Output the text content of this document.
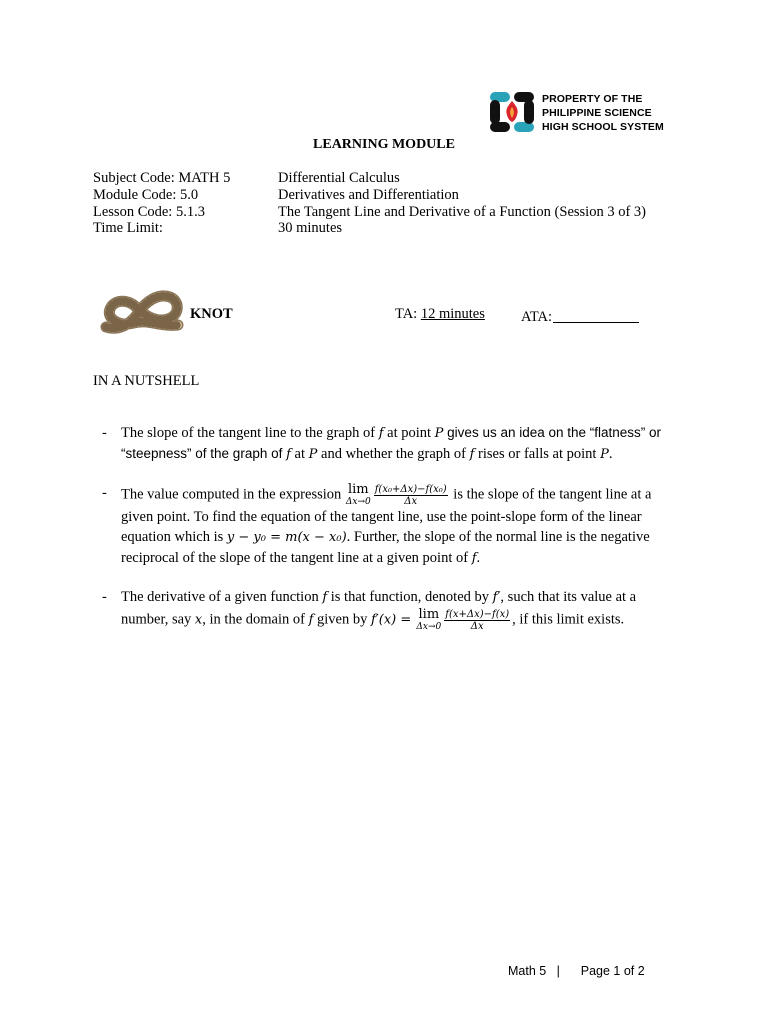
PROPERTY OF THE
PHILIPPINE SCIENCE
HIGH SCHOOL SYSTEM
LEARNING MODULE
Subject Code: MATH 5	Differential Calculus
Module Code: 5.0	Derivatives and Differentiation
Lesson Code: 5.1.3	The Tangent Line and Derivative of a Function (Session 3 of 3)
Time Limit:	30 minutes
KNOT	TA: 12 minutes ATA:
IN A NUTSHELL
- The slope of the tangent line to the graph of f at point P gives us an idea on the “flatness” or “steepness” of the graph of f at P and whether the graph of f rises or falls at point P.
- The value computed in the expression lim
$\Delta x\to 0 \frac{\text{f(x₀+Δx)−f(x₀)}}{\Delta x}$ is the slope of the tangent line at a given point. To find the equation of the tangent line, use the point-slope form of the linear equation which is y − y₀ = m(x − x₀). Further, the slope of the normal line is the negative reciprocal of the slope of the tangent line at a given point of f.
- The derivative of a given function f is that function, denoted by f′, such that its value at a number, say x, in the domain of f given by f′(x) = lim
$\Delta x\to 0 \frac{f(x+\Delta x)-f(x)}{\Delta x}$ , if this limit exists.
Math 5   | Page 1 of 2
